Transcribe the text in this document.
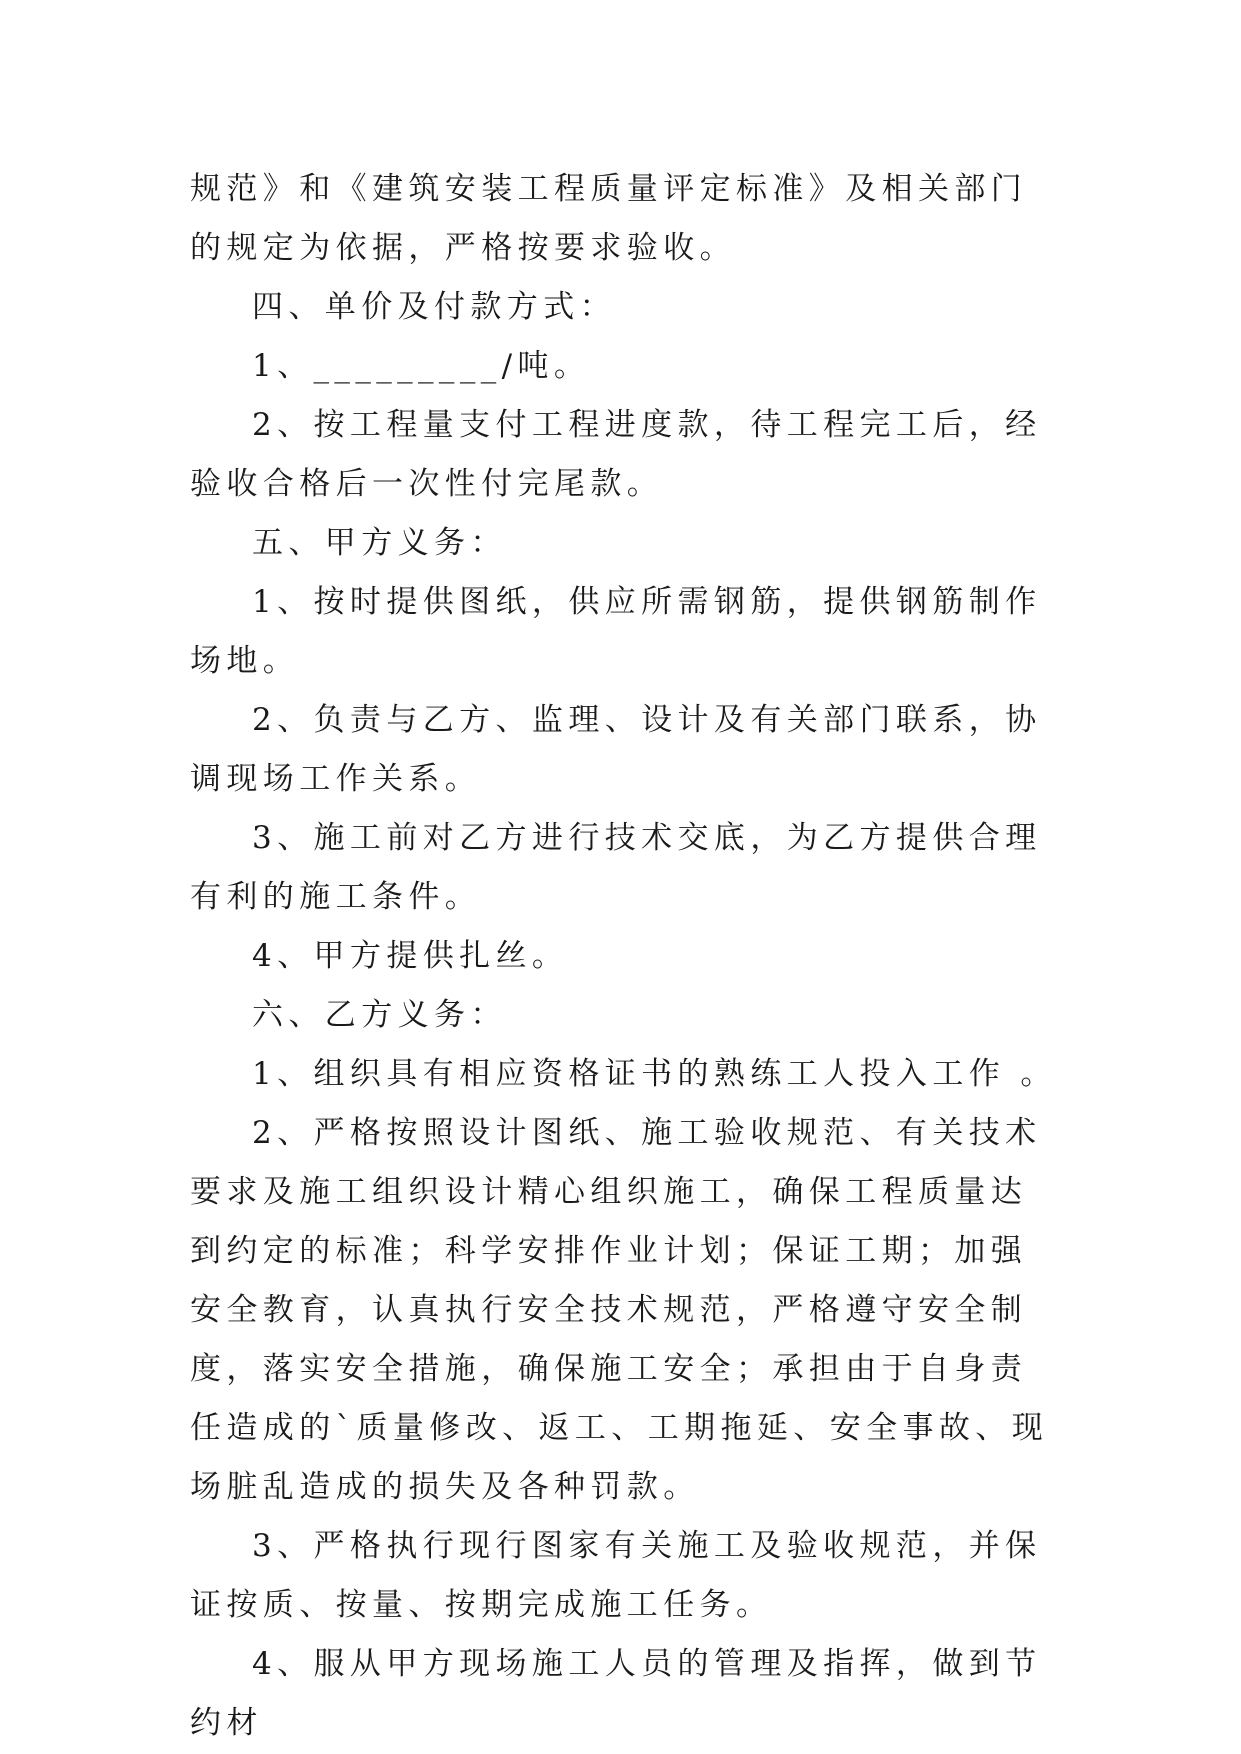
规范》和《建筑安装工程质量评定标准》及相关部门的规定为依据，严格按要求验收。

四、单价及付款方式：

1、_________/吨。

2、按工程量支付工程进度款，待工程完工后，经验收合格后一次性付完尾款。

五、甲方义务：

1、按时提供图纸，供应所需钢筋，提供钢筋制作场地。

2、负责与乙方、监理、设计及有关部门联系，协调现场工作关系。

3、施工前对乙方进行技术交底，为乙方提供合理有利的施工条件。

4、甲方提供扎丝。

六、乙方义务：

1、组织具有相应资格证书的熟练工人投入工作 。

2、严格按照设计图纸、施工验收规范、有关技术要求及施工组织设计精心组织施工，确保工程质量达到约定的标准；科学安排作业计划；保证工期；加强安全教育，认真执行安全技术规范，严格遵守安全制度，落实安全措施，确保施工安全；承担由于自身责任造成的`质量修改、返工、工期拖延、安全事故、现场脏乱造成的损失及各种罚款。

3、严格执行现行图家有关施工及验收规范，并保证按质、按量、按期完成施工任务。

4、服从甲方现场施工人员的管理及指挥，做到节约材
